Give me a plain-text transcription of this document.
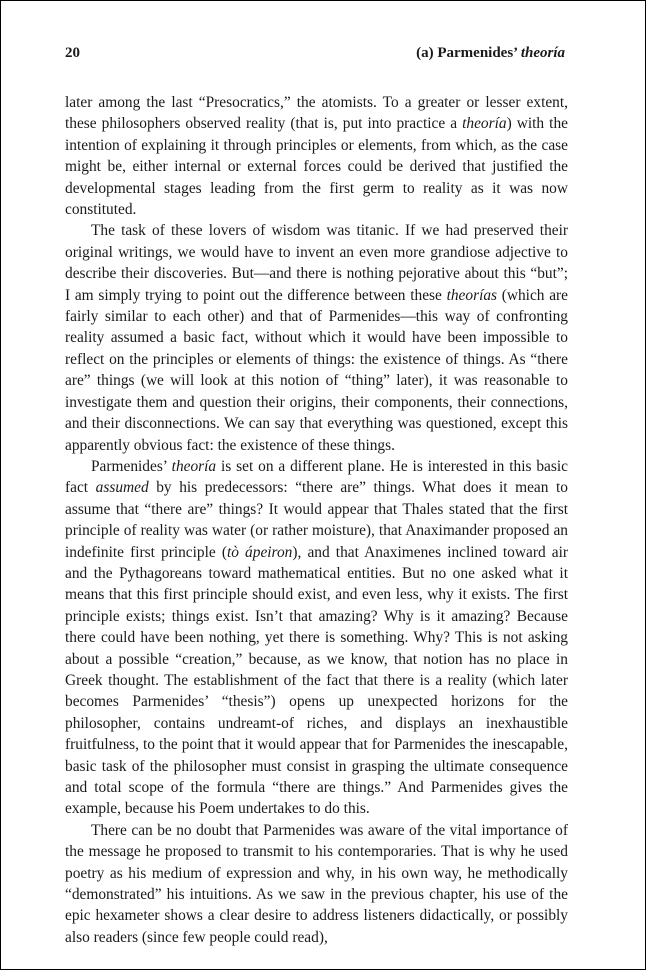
20	(a) Parmenides’ theoría

later among the last “Presocratics,” the atomists. To a greater or lesser extent, these philosophers observed reality (that is, put into practice a theoría) with the intention of explaining it through principles or elements, from which, as the case might be, either internal or external forces could be derived that justified the developmental stages leading from the first germ to reality as it was now constituted.

The task of these lovers of wisdom was titanic. If we had preserved their original writings, we would have to invent an even more grandiose adjective to describe their discoveries. But—and there is nothing pejorative about this “but”; I am simply trying to point out the difference between these theorías (which are fairly similar to each other) and that of Parmenides—this way of confronting reality assumed a basic fact, without which it would have been impossible to reflect on the principles or elements of things: the existence of things. As “there are” things (we will look at this notion of “thing” later), it was reasonable to investigate them and question their origins, their components, their connections, and their disconnections. We can say that everything was questioned, except this apparently obvious fact: the existence of these things.

Parmenides’ theoría is set on a different plane. He is interested in this basic fact assumed by his predecessors: “there are” things. What does it mean to assume that “there are” things? It would appear that Thales stated that the first principle of reality was water (or rather moisture), that Anaximander proposed an indefinite first principle (tò ápeiron), and that Anaximenes inclined toward air and the Pythagoreans toward mathematical entities. But no one asked what it means that this first principle should exist, and even less, why it exists. The first principle exists; things exist. Isn’t that amazing? Why is it amazing? Because there could have been nothing, yet there is something. Why? This is not asking about a possible “creation,” because, as we know, that notion has no place in Greek thought. The establishment of the fact that there is a reality (which later becomes Parmenides’ “thesis”) opens up unexpected horizons for the philosopher, contains undreamt-of riches, and displays an inexhaustible fruitfulness, to the point that it would appear that for Parmenides the inescapable, basic task of the philosopher must consist in grasping the ultimate consequence and total scope of the formula “there are things.” And Parmenides gives the example, because his Poem undertakes to do this.

There can be no doubt that Parmenides was aware of the vital importance of the message he proposed to transmit to his contemporaries. That is why he used poetry as his medium of expression and why, in his own way, he methodically “demonstrated” his intuitions. As we saw in the previous chapter, his use of the epic hexameter shows a clear desire to address listeners didactically, or possibly also readers (since few people could read),
